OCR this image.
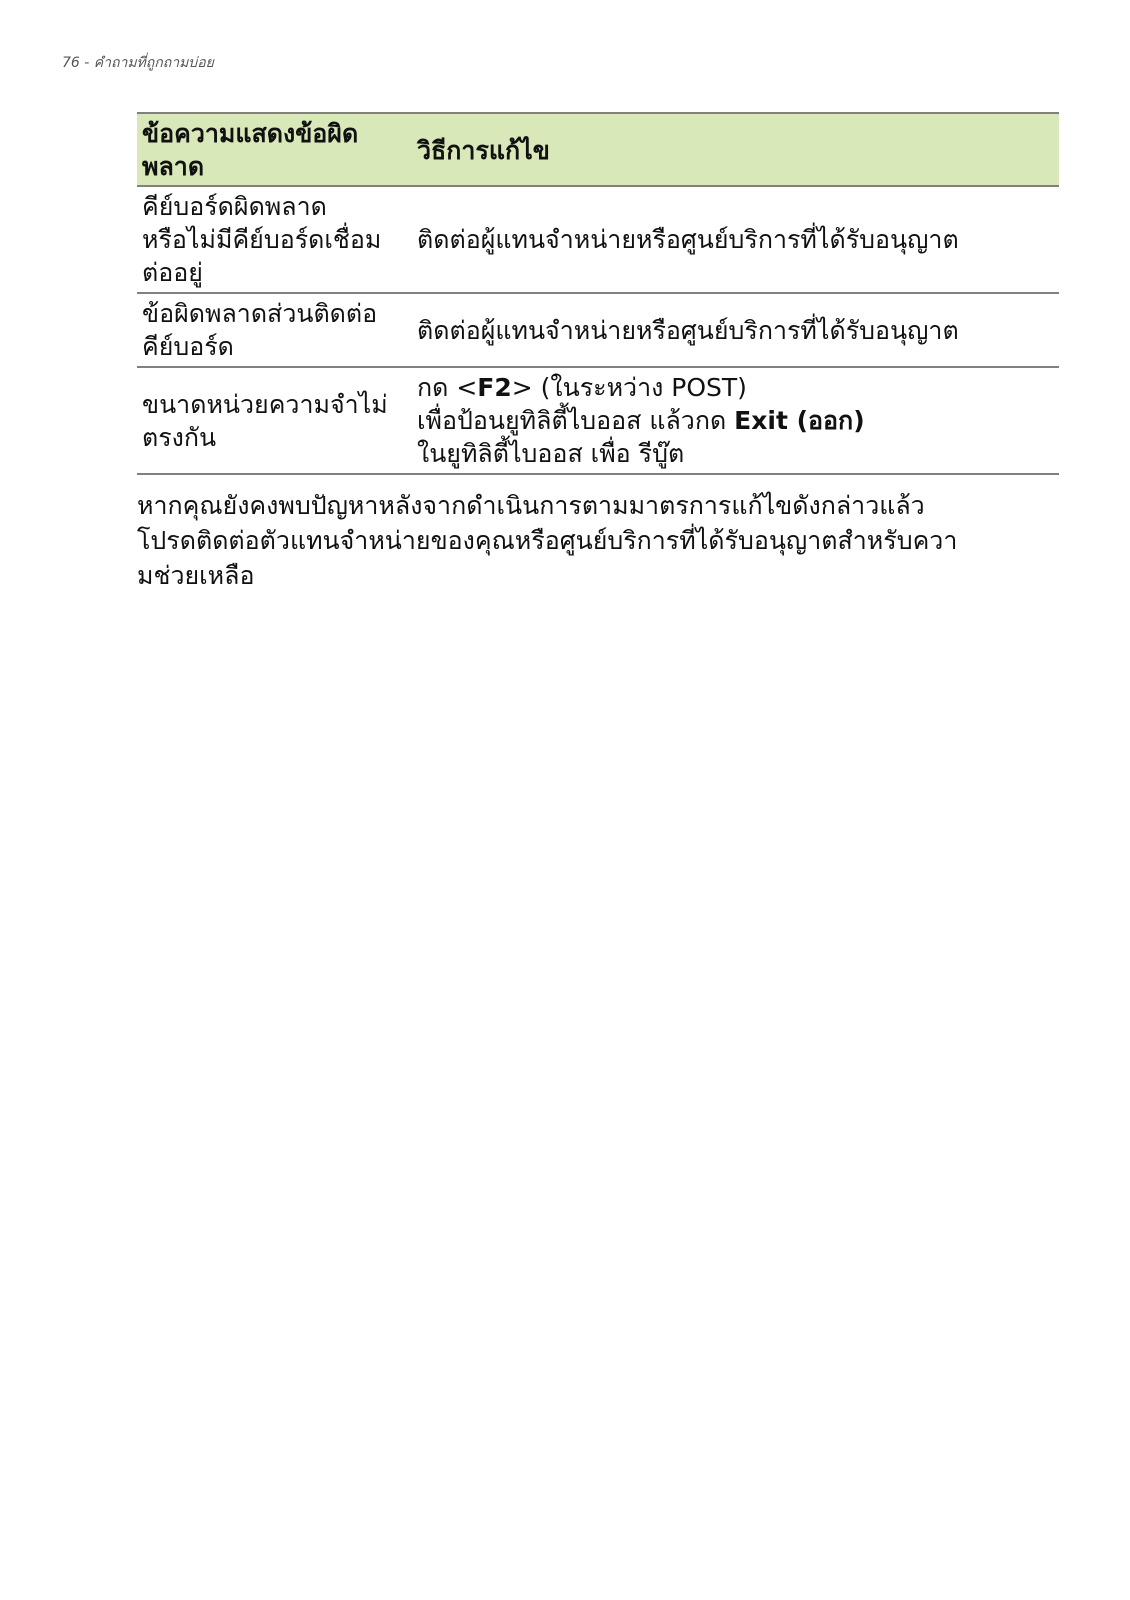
76 - คำถามที่ถูกถามบ่อย
ข้อความแสดงข้อผิด
พลาด	วิธีการแก้ไข

คีย์บอร์ดผิดพลาด
หรือไม่มีคีย์บอร์ดเชื่อม
ต่ออยู่	ติดต่อผู้แทนจำหน่ายหรือศูนย์บริการที่ได้รับอนุญาต

ข้อผิดพลาดส่วนติดต่อ
คีย์บอร์ด	ติดต่อผู้แทนจำหน่ายหรือศูนย์บริการที่ได้รับอนุญาต

ขนาดหน่วยความจำไม่
ตรงกัน	กด <F2> (ในระหว่าง POST)
เพื่อป้อนยูทิลิตี้ไบออส แล้วกด Exit (ออก)
ในยูทิลิตี้ไบออส เพื่อ รีบู๊ต
หากคุณยังคงพบปัญหาหลังจากดำเนินการตามมาตรการแก้ไขดังกล่าวแล้ว
โปรดติดต่อตัวแทนจำหน่ายของคุณหรือศูนย์บริการที่ได้รับอนุญาตสำหรับควา
มช่วยเหลือ
